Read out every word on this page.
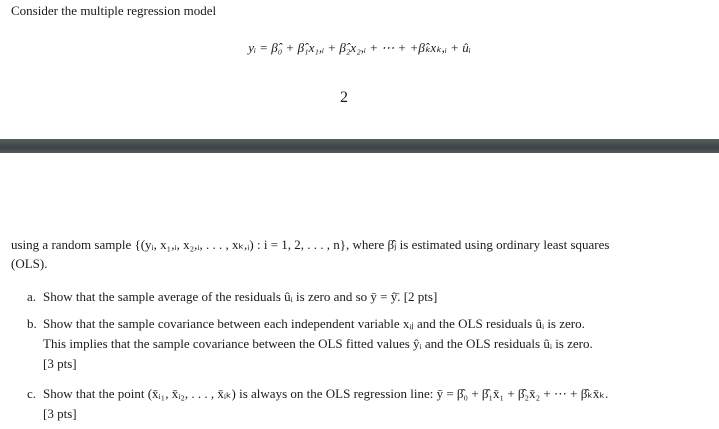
Consider the multiple regression model
yᵢ = β̂₀ + β̂₁x₁,ᵢ + β̂₂x₂,ᵢ + ⋯ + +β̂ₖxₖ,ᵢ + ûᵢ
2
using a random sample {(yᵢ, x₁,ᵢ, x₂,ᵢ, . . . , xₖ,ᵢ) : i = 1, 2, . . . , n}, where β̂ⱼ is estimated using ordinary least squares
(OLS).
a. Show that the sample average of the residuals ûᵢ is zero and so ȳ = ŷ̄. [2 pts]
b. Show that the sample covariance between each independent variable xᵢⱼ and the OLS residuals ûᵢ is zero.
This implies that the sample covariance between the OLS fitted values ŷᵢ and the OLS residuals ûᵢ is zero.
[3 pts]
c. Show that the point (x̄ᵢ₁, x̄ᵢ₂, . . . , x̄ᵢₖ) is always on the OLS regression line: ȳ = β̂₀ + β̂₁x̄₁ + β̂₂x̄₂ + ⋯ + β̂ₖx̄ₖ.
[3 pts]
